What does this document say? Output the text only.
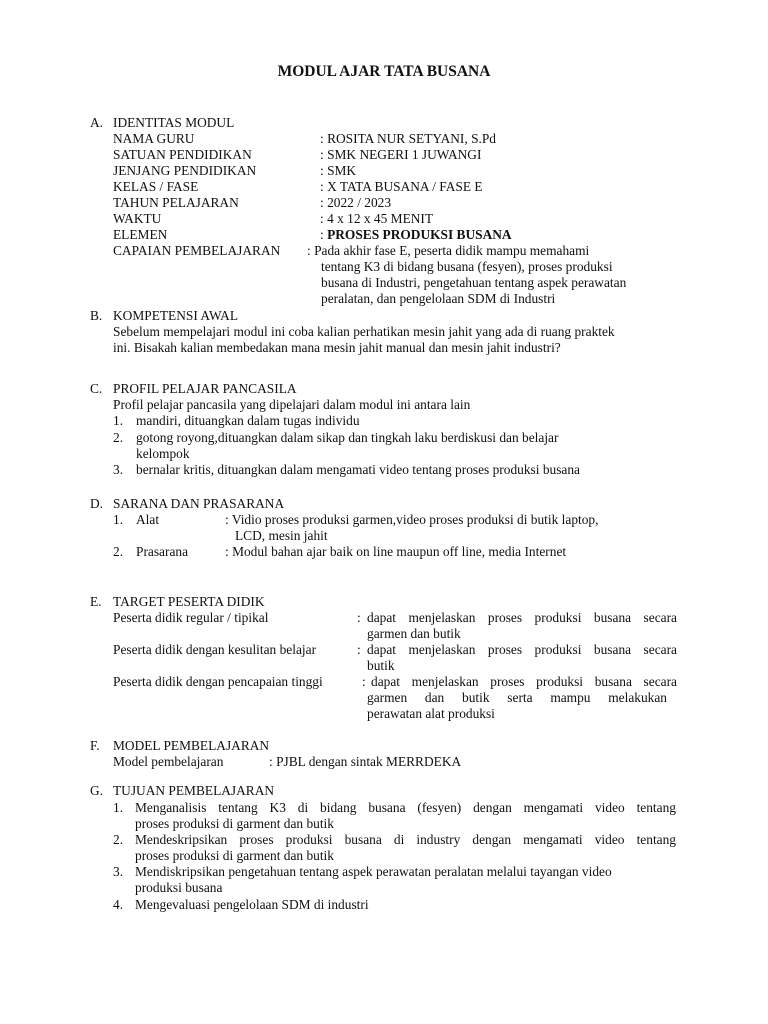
MODUL AJAR TATA BUSANA
A. IDENTITAS MODUL
NAMA GURU	: ROSITA NUR SETYANI, S.Pd
SATUAN PENDIDIKAN	: SMK NEGERI 1 JUWANGI
JENJANG PENDIDIKAN	: SMK
KELAS / FASE	: X TATA BUSANA / FASE E
TAHUN PELAJARAN	: 2022 / 2023
WAKTU	: 4 x 12 x 45 MENIT
ELEMEN	: PROSES PRODUKSI BUSANA
CAPAIAN PEMBELAJARAN : Pada akhir fase E, peserta didik mampu memahami
tentang K3 di bidang busana (fesyen), proses produksi
busana di Industri, pengetahuan tentang aspek perawatan
peralatan, dan pengelolaan SDM di Industri
B. KOMPETENSI AWAL
Sebelum mempelajari modul ini coba kalian perhatikan mesin jahit yang ada di ruang praktek
ini. Bisakah kalian membedakan mana mesin jahit manual dan mesin jahit industri?
C. PROFIL PELAJAR PANCASILA
Profil pelajar pancasila yang dipelajari dalam modul ini antara lain
1. mandiri, dituangkan dalam tugas individu
2. gotong royong,dituangkan dalam sikap dan tingkah laku berdiskusi dan belajar
kelompok
3. bernalar kritis, dituangkan dalam mengamati video tentang proses produksi busana
D. SARANA DAN PRASARANA
1. Alat	: Vidio proses produksi garmen,video proses produksi di butik laptop,
LCD, mesin jahit
2. Prasarana	: Modul bahan ajar baik on line maupun off line, media Internet
E. TARGET PESERTA DIDIK
Peserta didik regular / tipikal	: dapat menjelaskan proses produksi busana secara
garmen dan butik
Peserta didik dengan kesulitan belajar	: dapat menjelaskan proses produksi busana secara
butik
Peserta didik dengan pencapaian tinggi	: dapat menjelaskan proses produksi busana secara
garmen dan butik serta mampu melakukan
perawatan alat produksi
F. MODEL PEMBELAJARAN
Model pembelajaran	: PJBL dengan sintak MERRDEKA
G. TUJUAN PEMBELAJARAN
1. Menganalisis tentang K3 di bidang busana (fesyen) dengan mengamati video tentang
proses produksi di garment dan butik
2. Mendeskripsikan proses produksi busana di industry dengan mengamati video tentang
proses produksi di garment dan butik
3. Mendiskripsikan pengetahuan tentang aspek perawatan peralatan melalui tayangan video
produksi busana
4. Mengevaluasi pengelolaan SDM di industri
